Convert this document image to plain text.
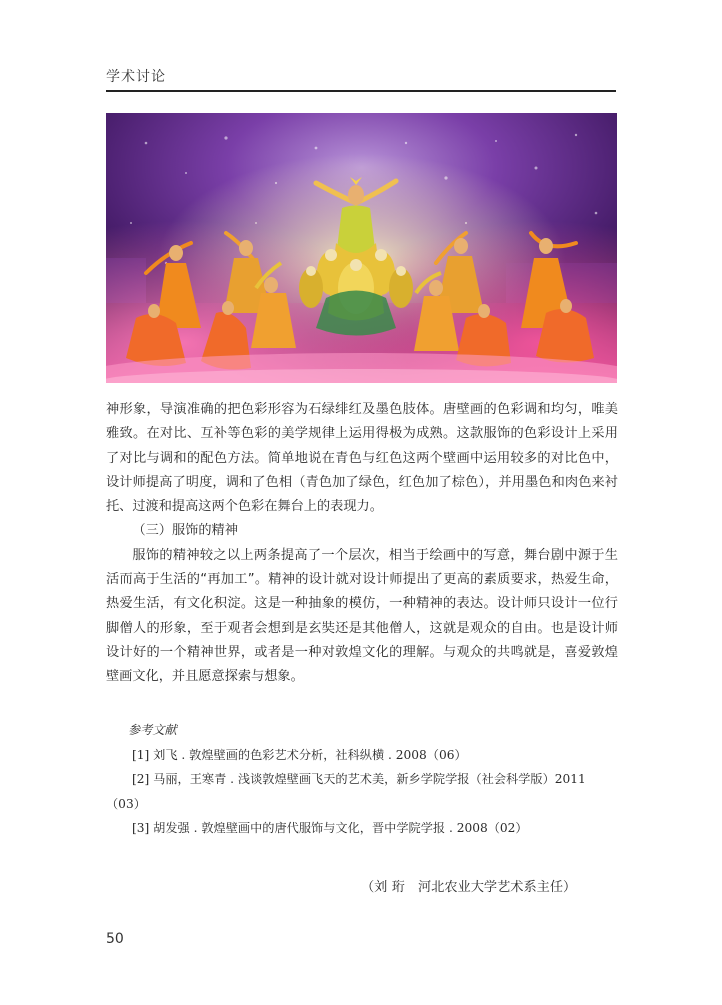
学术讨论

神形象，导演准确的把色彩形容为石绿绯红及墨色肢体。唐壁画的色彩调和均匀，唯美雅致。在对比、互补等色彩的美学规律上运用得极为成熟。这款服饰的色彩设计上采用了对比与调和的配色方法。简单地说在青色与红色这两个壁画中运用较多的对比色中，设计师提高了明度，调和了色相（青色加了绿色，红色加了棕色），并用墨色和肉色来衬托、过渡和提高这两个色彩在舞台上的表现力。

（三）服饰的精神

服饰的精神较之以上两条提高了一个层次，相当于绘画中的写意，舞台剧中源于生活而高于生活的“再加工”。精神的设计就对设计师提出了更高的素质要求，热爱生命，热爱生活，有文化积淀。这是一种抽象的模仿，一种精神的表达。设计师只设计一位行脚僧人的形象，至于观者会想到是玄奘还是其他僧人，这就是观众的自由。也是设计师设计好的一个精神世界，或者是一种对敦煌文化的理解。与观众的共鸣就是，喜爱敦煌壁画文化，并且愿意探索与想象。

参考文献

[1] 刘飞 . 敦煌壁画的色彩艺术分析，社科纵横 . 2008（06）

[2] 马丽，王寒青 . 浅谈敦煌壁画飞天的艺术美，新乡学院学报（社会科学版）2011（03）

[3] 胡发强 . 敦煌壁画中的唐代服饰与文化，晋中学院学报 . 2008（02）

（刘 珩　河北农业大学艺术系主任）
50
